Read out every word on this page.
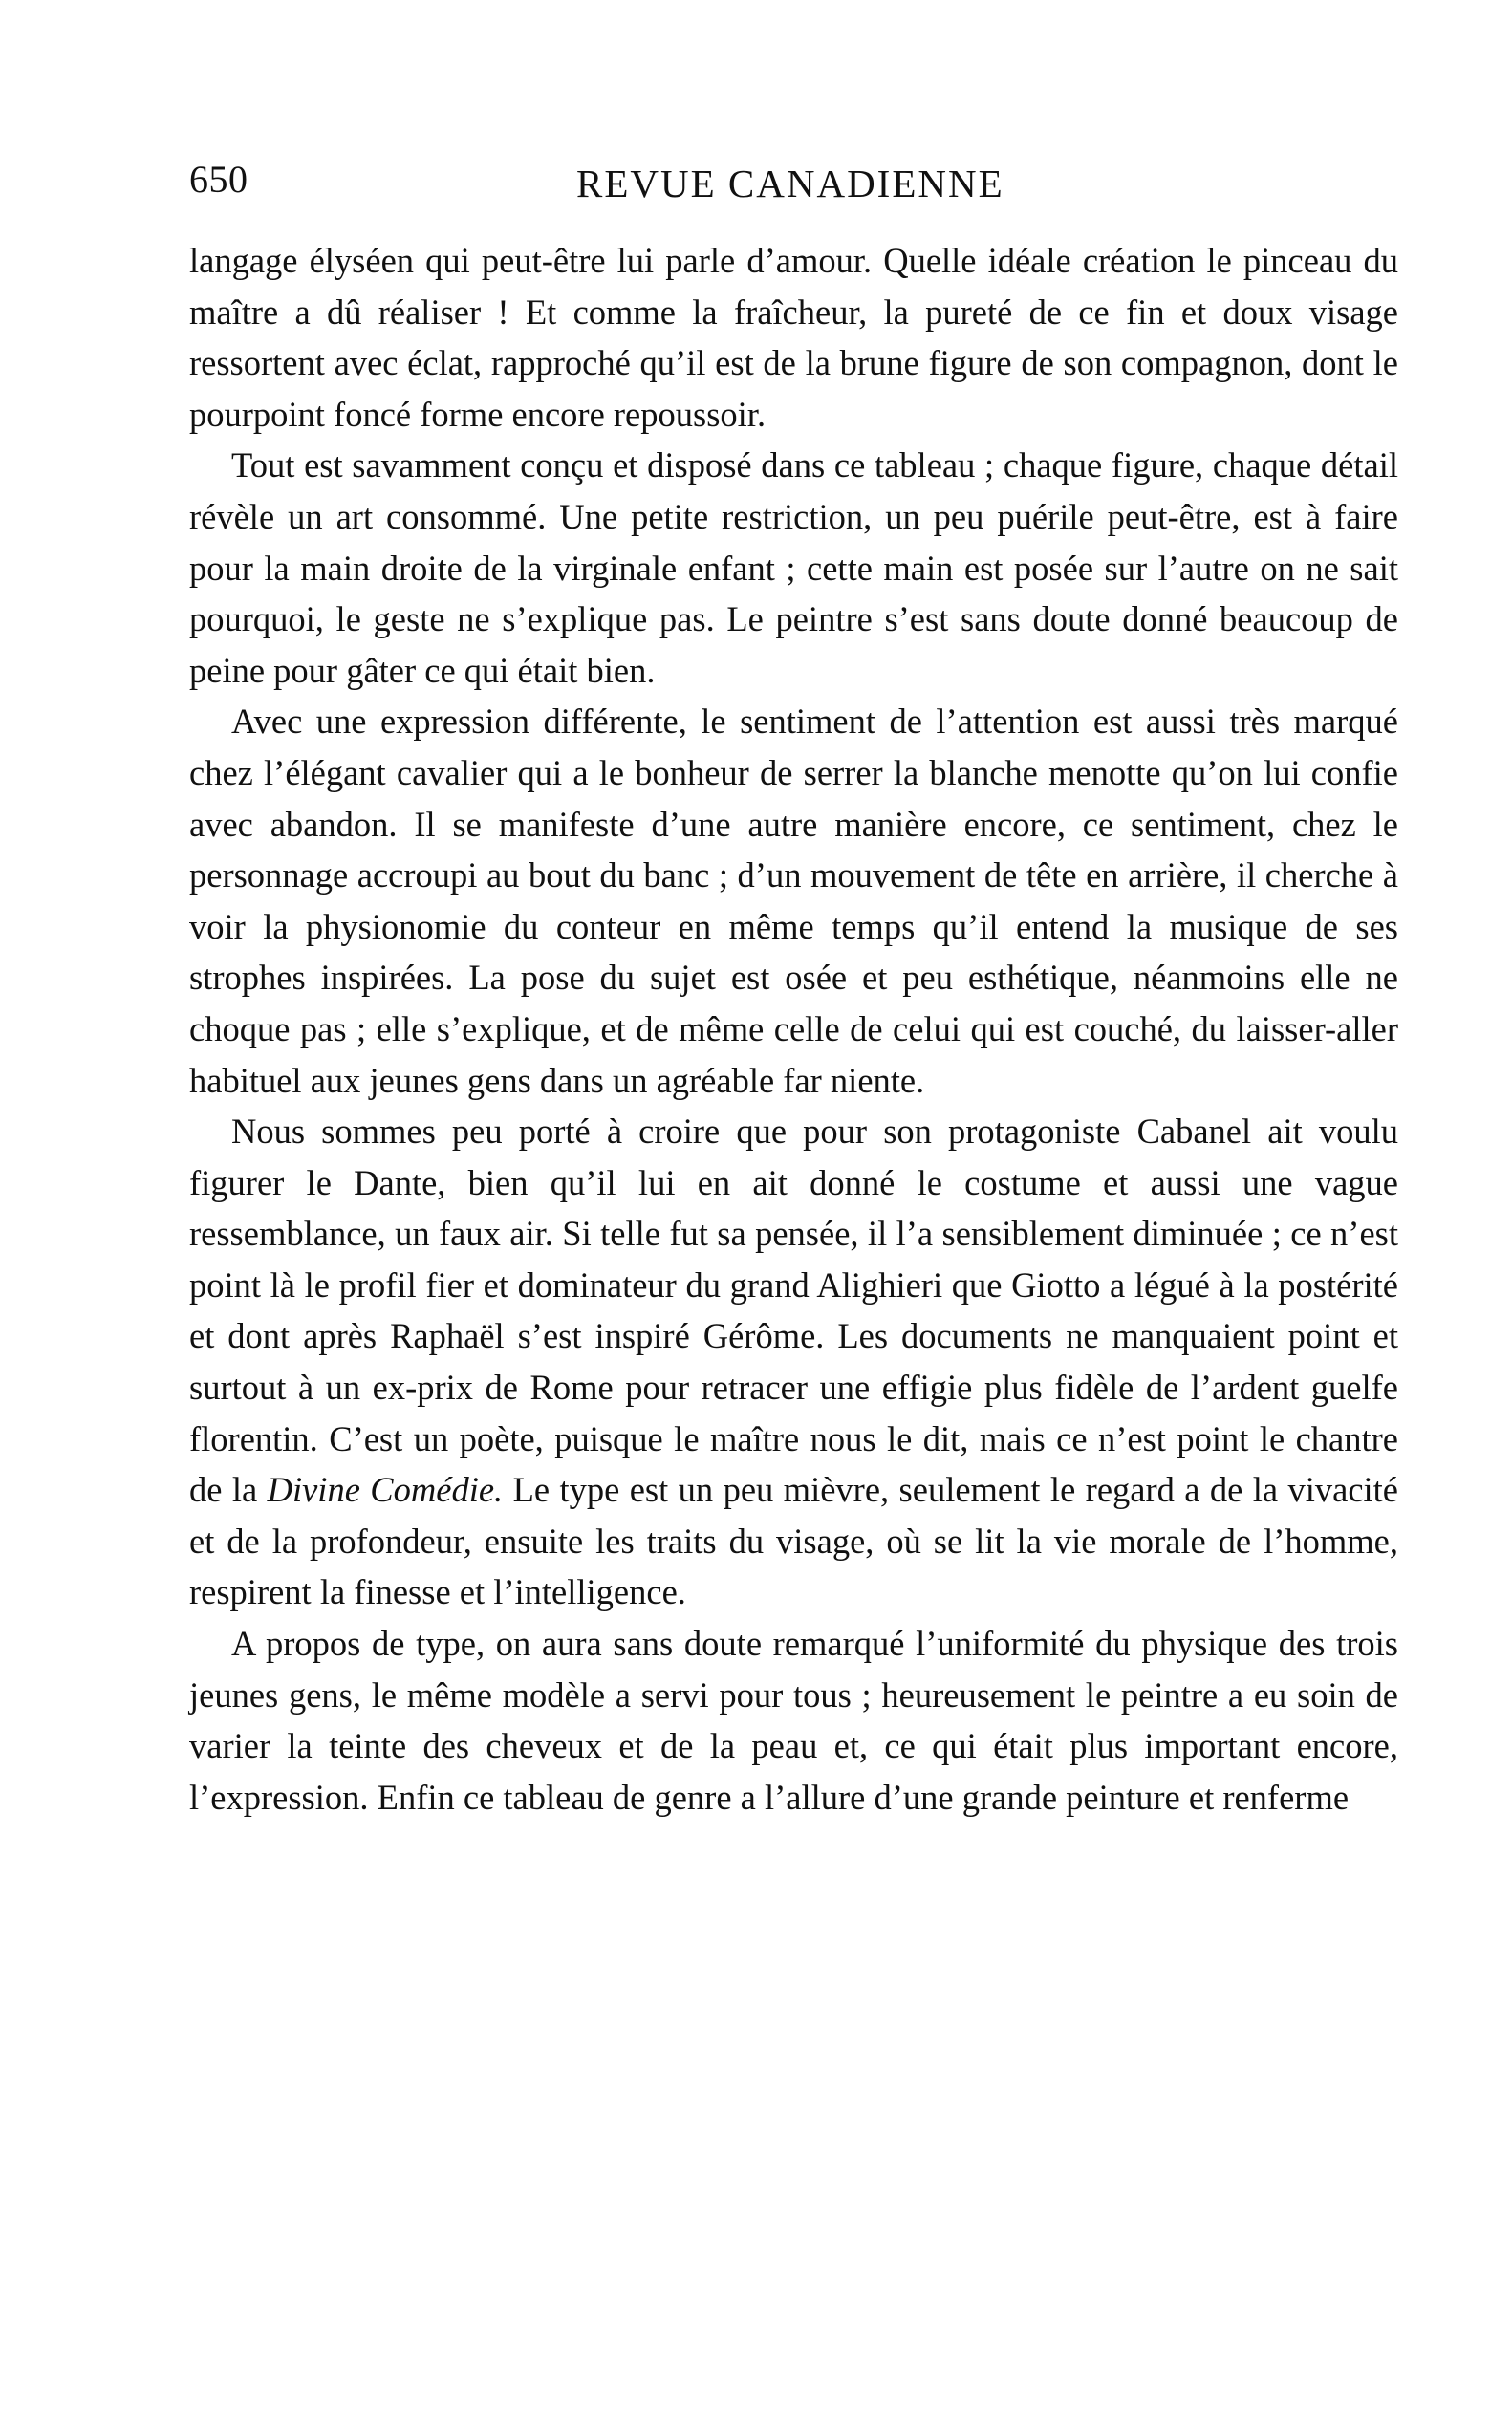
650	REVUE CANADIENNE

langage élyséen qui peut-être lui parle d’amour. Quelle idéale création le pinceau du maître a dû réaliser ! Et comme la fraîcheur, la pureté de ce fin et doux visage ressortent avec éclat, rapproché qu’il est de la brune figure de son compagnon, dont le pourpoint foncé forme encore repoussoir.

Tout est savamment conçu et disposé dans ce tableau ; chaque figure, chaque détail révèle un art consommé. Une petite restriction, un peu puérile peut-être, est à faire pour la main droite de la virginale enfant ; cette main est posée sur l’autre on ne sait pourquoi, le geste ne s’explique pas. Le peintre s’est sans doute donné beaucoup de peine pour gâter ce qui était bien.

Avec une expression différente, le sentiment de l’attention est aussi très marqué chez l’élégant cavalier qui a le bonheur de serrer la blanche menotte qu’on lui confie avec abandon. Il se manifeste d’une autre manière encore, ce sentiment, chez le personnage accroupi au bout du banc ; d’un mouvement de tête en arrière, il cherche à voir la physionomie du conteur en même temps qu’il entend la musique de ses strophes inspirées. La pose du sujet est osée et peu esthétique, néanmoins elle ne choque pas ; elle s’explique, et de même celle de celui qui est couché, du laisser-aller habituel aux jeunes gens dans un agréable far niente.

Nous sommes peu porté à croire que pour son protagoniste Cabanel ait voulu figurer le Dante, bien qu’il lui en ait donné le costume et aussi une vague ressemblance, un faux air. Si telle fut sa pensée, il l’a sensiblement diminuée ; ce n’est point là le profil fier et dominateur du grand Alighieri que Giotto a légué à la postérité et dont après Raphaël s’est inspiré Gérôme. Les documents ne manquaient point et surtout à un ex-prix de Rome pour retracer une effigie plus fidèle de l’ardent guelfe florentin. C’est un poète, puisque le maître nous le dit, mais ce n’est point le chantre de la Divine Comédie. Le type est un peu mièvre, seulement le regard a de la vivacité et de la profondeur, ensuite les traits du visage, où se lit la vie morale de l’homme, respirent la finesse et l’intelligence.

A propos de type, on aura sans doute remarqué l’uniformité du physique des trois jeunes gens, le même modèle a servi pour tous ; heureusement le peintre a eu soin de varier la teinte des cheveux et de la peau et, ce qui était plus important encore, l’expression. Enfin ce tableau de genre a l’allure d’une grande peinture et renferme
